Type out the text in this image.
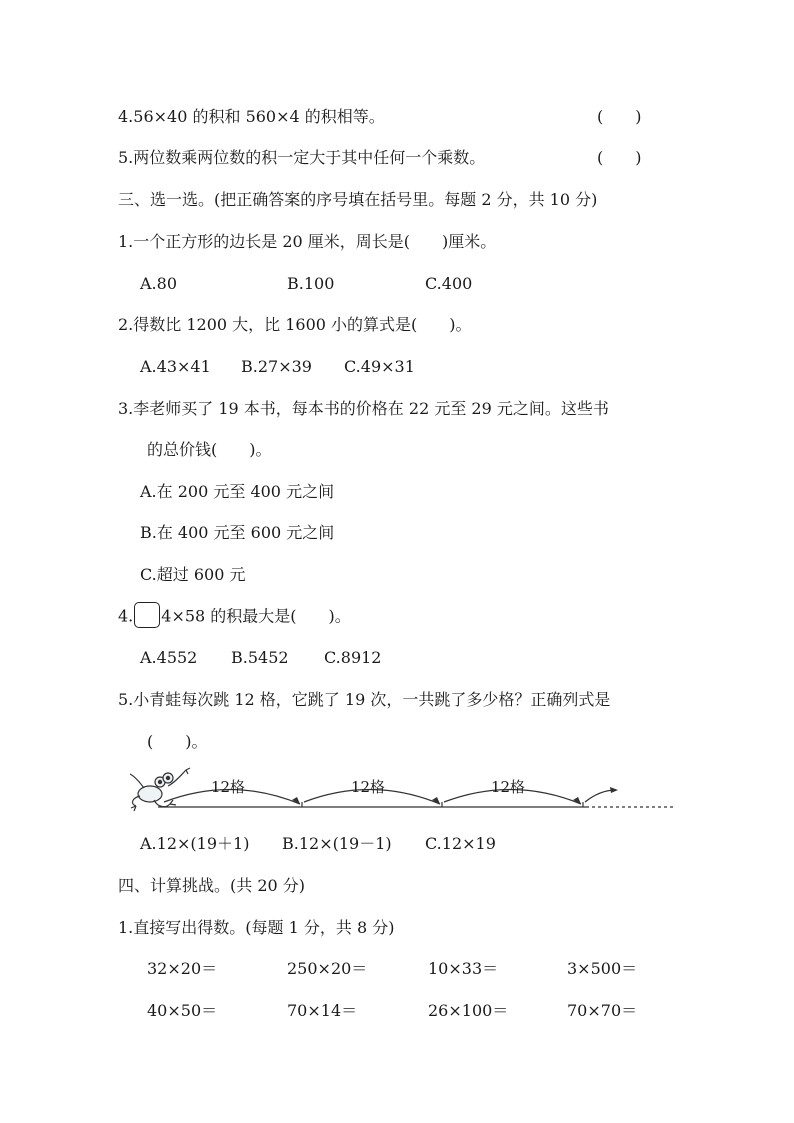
4.56×40 的积和 560×4 的积相等。	(　　)
5.两位数乘两位数的积一定大于其中任何一个乘数。	(　　)
三、选一选。(把正确答案的序号填在括号里。每题 2 分，共 10 分)
1.一个正方形的边长是 20 厘米，周长是(　　)厘米。
A.80	B.100	C.400
2.得数比 1200 大，比 1600 小的算式是(　　)。
A.43×41 B.27×39 C.49×31
3.李老师买了 19 本书，每本书的价格在 22 元至 29 元之间。这些书
的总价钱(　　)。
A.在 200 元至 400 元之间
B.在 400 元至 600 元之间
C.超过 600 元
4. 4×58 的积最大是(　　)。
A.4552 B.5452 C.8912
5.小青蛙每次跳 12 格，它跳了 19 次，一共跳了多少格？正确列式是
(　　)。
12格	12格	12格
A.12×(19＋1) B.12×(19－1) C.12×19
四、计算挑战。(共 20 分)
1.直接写出得数。(每题 1 分，共 8 分)
32×20＝	250×20＝	10×33＝	3×500＝
40×50＝	70×14＝	26×100＝	70×70＝
